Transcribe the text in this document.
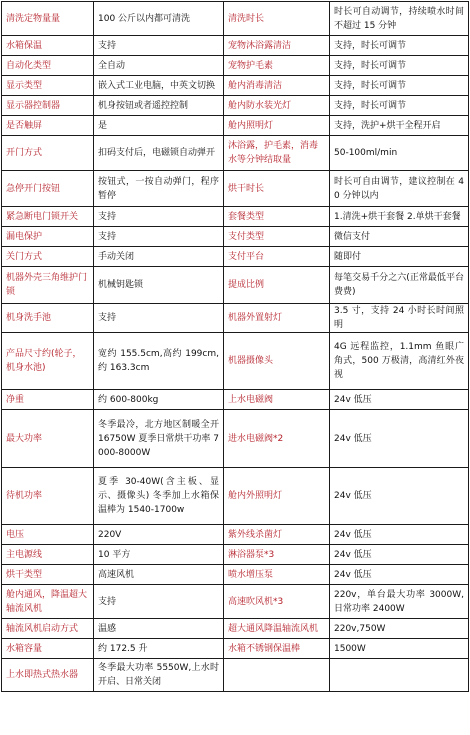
清洗定物量量	100 公斤以内都可清洗	清洗时长	时长可自动调节，持续喷水时间不超过 15 分钟
水箱保温	支持	宠物沐浴露清洁	支持，时长可调节
自动化类型	全自动	宠物护毛素	支持，时长可调节
显示类型	嵌入式工业电脑，中英文切换	舱内消毒清洁	支持，时长可调节
显示器控制器	机身按钮或者遥控控制	舱内防水装光灯	支持，时长可调节
是否触屏	是	舱内照明灯	支持，洗护+烘干全程开启
开门方式	扣码支付后，电磁锁自动弹开	沐浴露，护毛素，消毒水等分钟结取量	50-100ml/min
急停开门按钮	按钮式，一按自动弹门，程序暂停	烘干时长	时长可自由调节，建议控制在 40 分钟以内
紧急断电门锁开关	支持	套餐类型	1.清洗+烘干套餐 2.单烘干套餐
漏电保护	支持	支付类型	微信支付
关门方式	手动关闭	支付平台	随即付
机器外壳三角维护门锁	机械钥匙锁	提成比例	每笔交易千分之六(正常最低平台费费)
机身洗手池	支持	机器外置射灯	3.5 寸，支持 24 小时长时间照明
产品尺寸约(轮子，机身水池)	宽约 155.5cm,高约 199cm,约 163.3cm	机器摄像头	4G 远程监控，1.1mm 鱼眼广角式，500 万极清，高清红外夜视
净重	约 600-800kg	上水电磁阀	24v 低压
最大功率	冬季最冷，北方地区制暖全开 16750W 夏季日常烘干功率 7000-8000W	进水电磁阀*2	24v 低压
待机功率	夏季 30-40W(含主板、显示、摄像头) 冬季加上水箱保温棒为 1540-1700w	舱内外照明灯	24v 低压
电压	220V	紫外线杀菌灯	24v 低压
主电源线	10 平方	淋浴器泵*3	24v 低压
烘干类型	高速风机	喷水增压泵	24v 低压
舱内通风，降温超大轴流风机	支持	高速吹风机*3	220v，单台最大功率 3000W,日常功率 2400W
轴流风机启动方式	温感	超大通风降温轴流风机	220v,750W
水箱容量	约 172.5 升	水箱不锈钢保温棒	1500W
上水即热式热水器	冬季最大功率 5550W,上水时开启、日常关闭		
